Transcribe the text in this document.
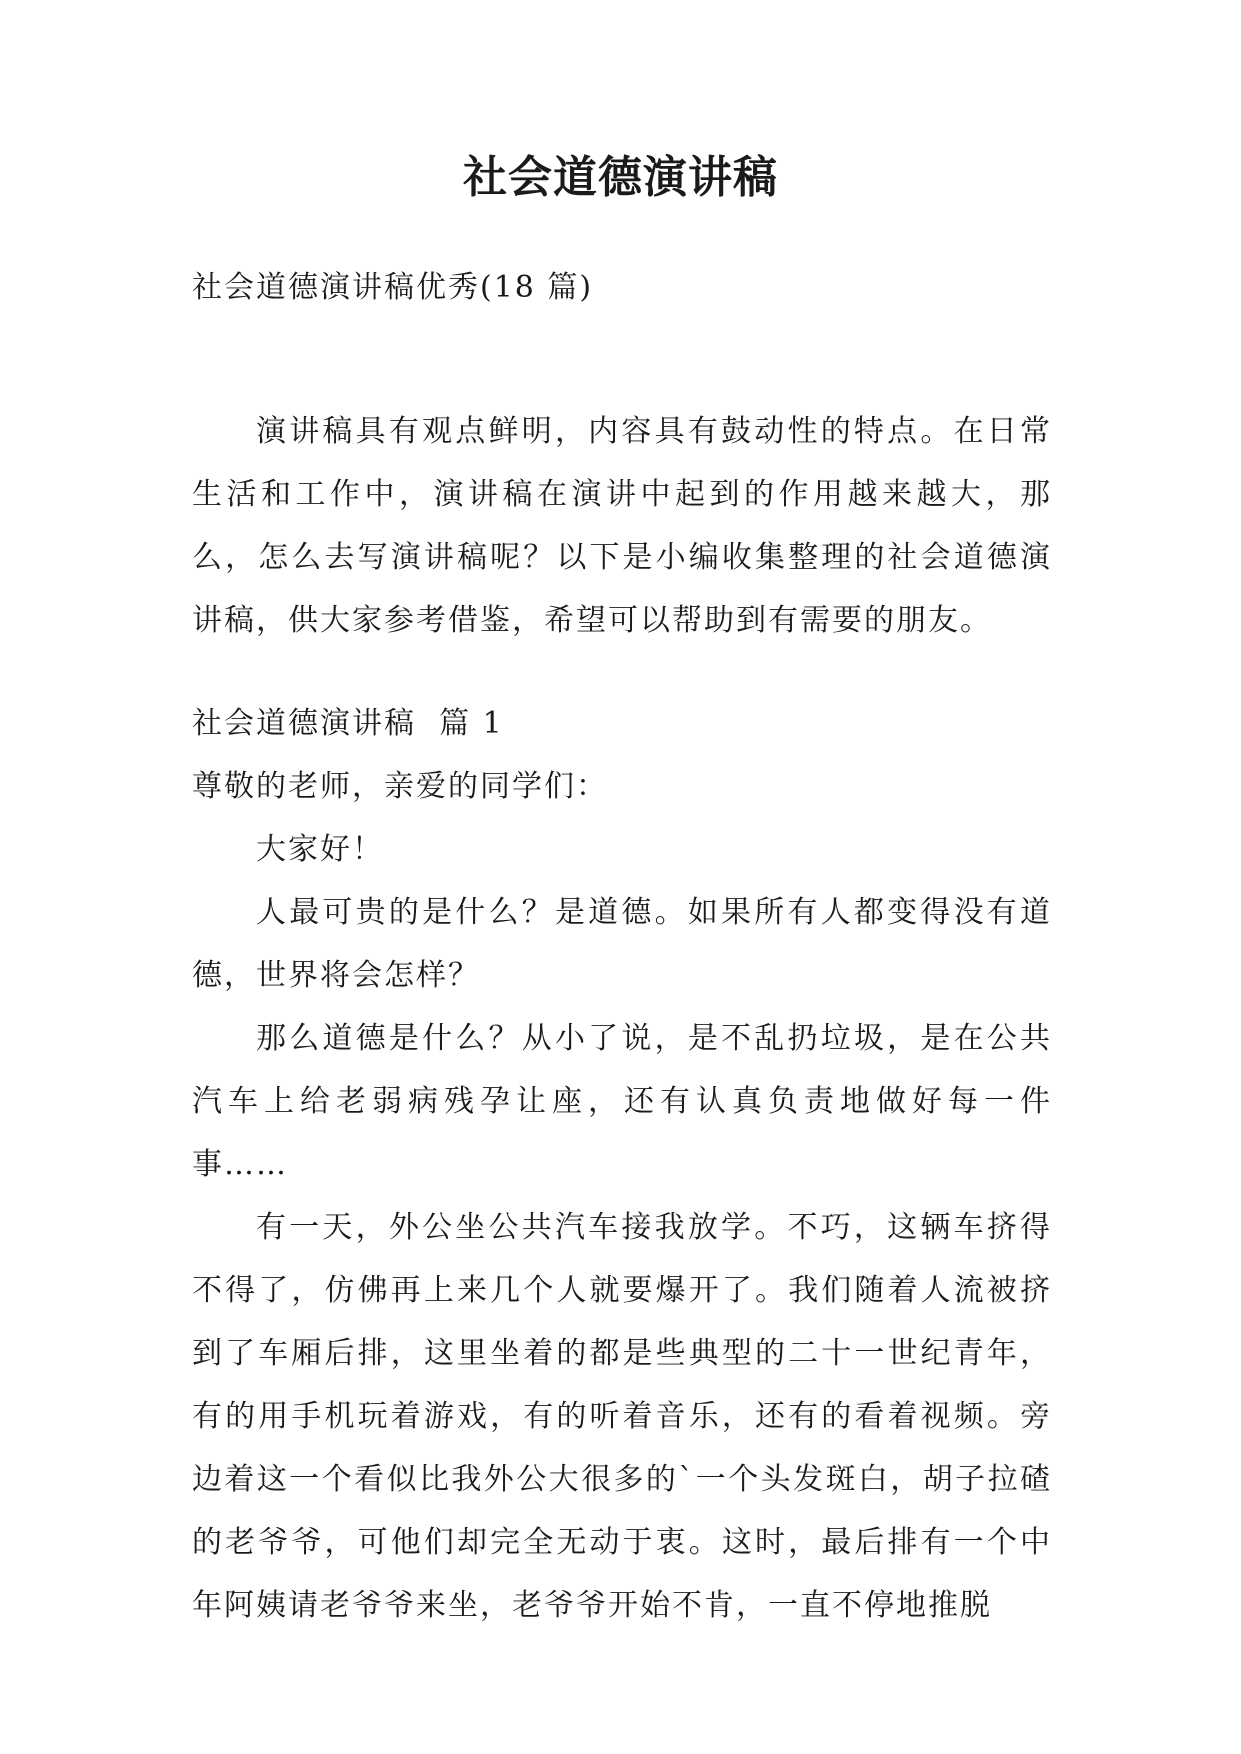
社会道德演讲稿
社会道德演讲稿优秀(18 篇)

演讲稿具有观点鲜明，内容具有鼓动性的特点。在日常生活和工作中，演讲稿在演讲中起到的作用越来越大，那么，怎么去写演讲稿呢？以下是小编收集整理的社会道德演讲稿，供大家参考借鉴，希望可以帮助到有需要的朋友。

社会道德演讲稿  篇 1

尊敬的老师，亲爱的同学们：

大家好！

人最可贵的是什么？是道德。如果所有人都变得没有道德，世界将会怎样？

那么道德是什么？从小了说，是不乱扔垃圾，是在公共汽车上给老弱病残孕让座，还有认真负责地做好每一件事……

有一天，外公坐公共汽车接我放学。不巧，这辆车挤得不得了，仿佛再上来几个人就要爆开了。我们随着人流被挤到了车厢后排，这里坐着的都是些典型的二十一世纪青年，有的用手机玩着游戏，有的听着音乐，还有的看着视频。旁边着这一个看似比我外公大很多的`一个头发斑白，胡子拉碴的老爷爷，可他们却完全无动于衷。这时，最后排有一个中年阿姨请老爷爷来坐，老爷爷开始不肯，一直不停地推脱
